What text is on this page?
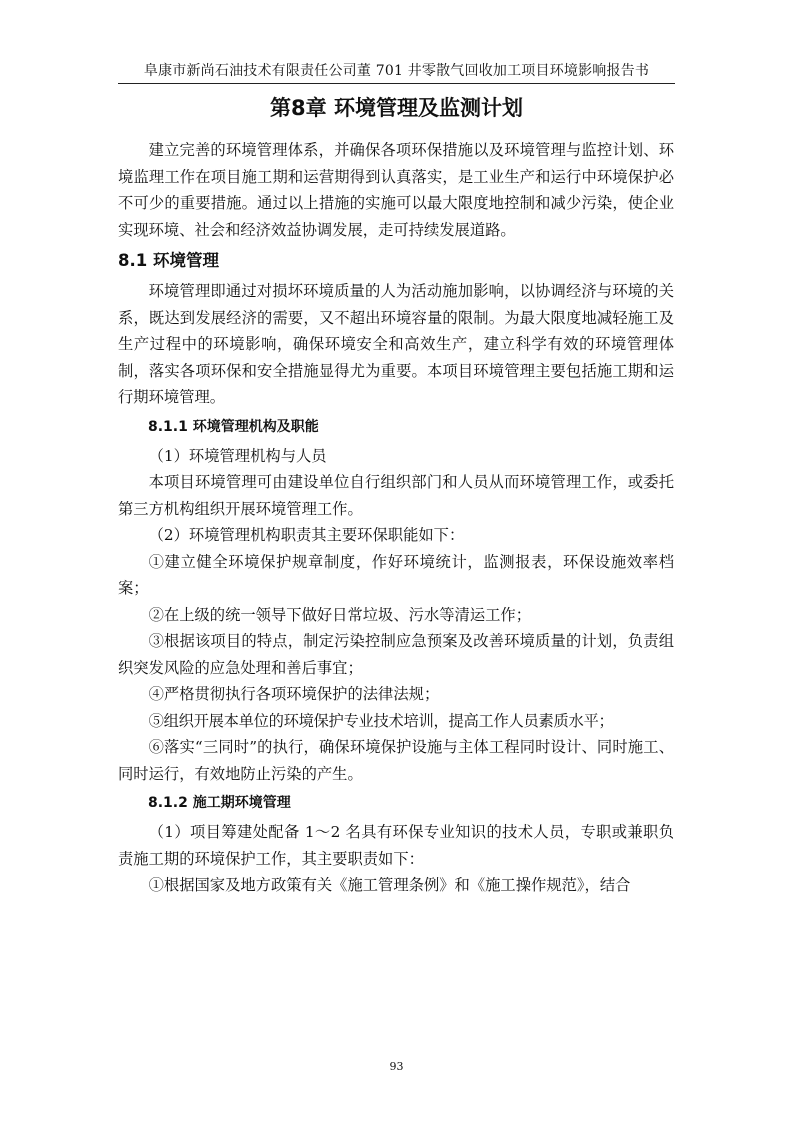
阜康市新尚石油技术有限责任公司董 701 井零散气回收加工项目环境影响报告书
第8章 环境管理及监测计划

建立完善的环境管理体系，并确保各项环保措施以及环境管理与监控计划、环境监理工作在项目施工期和运营期得到认真落实，是工业生产和运行中环境保护必不可少的重要措施。通过以上措施的实施可以最大限度地控制和减少污染，使企业实现环境、社会和经济效益协调发展，走可持续发展道路。

8.1 环境管理

环境管理即通过对损坏环境质量的人为活动施加影响，以协调经济与环境的关系，既达到发展经济的需要，又不超出环境容量的限制。为最大限度地减轻施工及生产过程中的环境影响，确保环境安全和高效生产，建立科学有效的环境管理体制，落实各项环保和安全措施显得尤为重要。本项目环境管理主要包括施工期和运行期环境管理。

8.1.1 环境管理机构及职能

（1）环境管理机构与人员

本项目环境管理可由建设单位自行组织部门和人员从而环境管理工作，或委托第三方机构组织开展环境管理工作。

（2）环境管理机构职责其主要环保职能如下：

①建立健全环境保护规章制度，作好环境统计，监测报表，环保设施效率档案；

②在上级的统一领导下做好日常垃圾、污水等清运工作；

③根据该项目的特点，制定污染控制应急预案及改善环境质量的计划，负责组织突发风险的应急处理和善后事宜；

④严格贯彻执行各项环境保护的法律法规；

⑤组织开展本单位的环境保护专业技术培训，提高工作人员素质水平；

⑥落实“三同时”的执行，确保环境保护设施与主体工程同时设计、同时施工、同时运行，有效地防止污染的产生。

8.1.2 施工期环境管理

（1）项目筹建处配备 1～2 名具有环保专业知识的技术人员，专职或兼职负责施工期的环境保护工作，其主要职责如下：

①根据国家及地方政策有关《施工管理条例》和《施工操作规范》，结合

93
